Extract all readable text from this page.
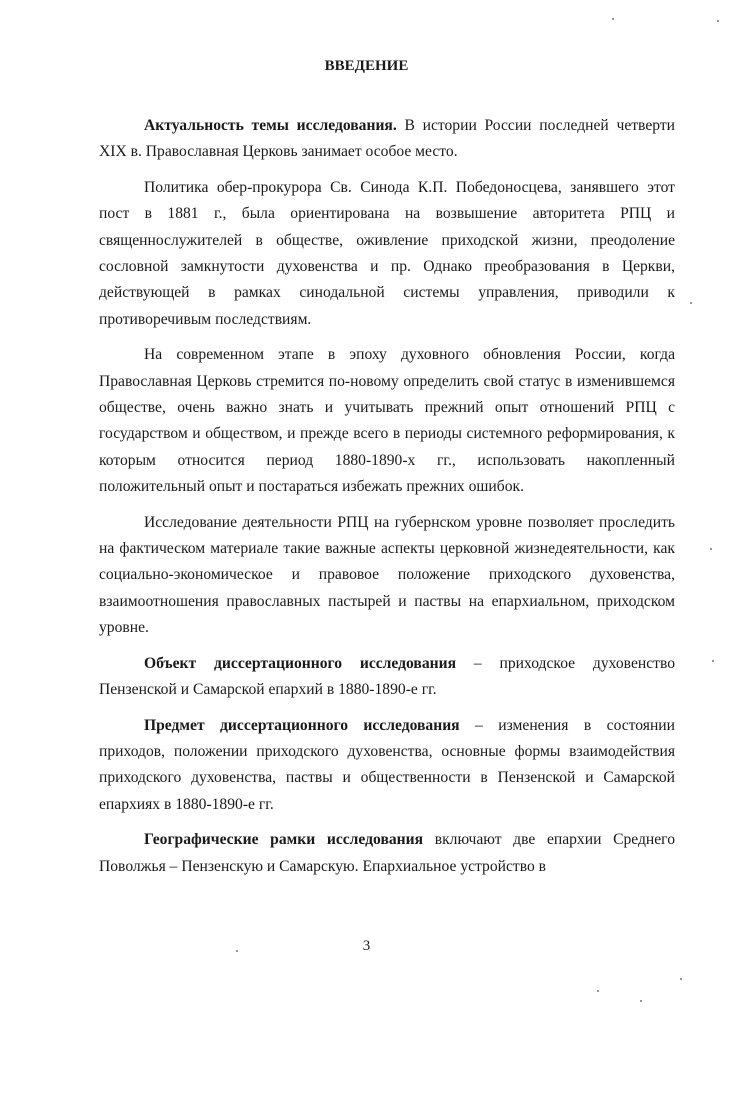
ВВЕДЕНИЕ

Актуальность темы исследования. В истории России последней четверти XIX в. Православная Церковь занимает особое место.

Политика обер-прокурора Св. Синода К.П. Победоносцева, занявшего этот пост в 1881 г., была ориентирована на возвышение авторитета РПЦ и священнослужителей в обществе, оживление приходской жизни, преодоление сословной замкнутости духовенства и пр. Однако преобразования в Церкви, действующей в рамках синодальной системы управления, приводили к противоречивым последствиям.

На современном этапе в эпоху духовного обновления России, когда Православная Церковь стремится по-новому определить свой статус в изменившемся обществе, очень важно знать и учитывать прежний опыт отношений РПЦ с государством и обществом, и прежде всего в периоды системного реформирования, к которым относится период 1880-1890-х гг., использовать накопленный положительный опыт и постараться избежать прежних ошибок.

Исследование деятельности РПЦ на губернском уровне позволяет проследить на фактическом материале такие важные аспекты церковной жизнедеятельности, как социально-экономическое и правовое положение приходского духовенства, взаимоотношения православных пастырей и паствы на епархиальном, приходском уровне.

Объект диссертационного исследования – приходское духовенство Пензенской и Самарской епархий в 1880-1890-е гг.

Предмет диссертационного исследования – изменения в состоянии приходов, положении приходского духовенства, основные формы взаимодействия приходского духовенства, паствы и общественности в Пензенской и Самарской епархиях в 1880-1890-е гг.

Географические рамки исследования включают две епархии Среднего Поволжья – Пензенскую и Самарскую. Епархиальное устройство в

3
